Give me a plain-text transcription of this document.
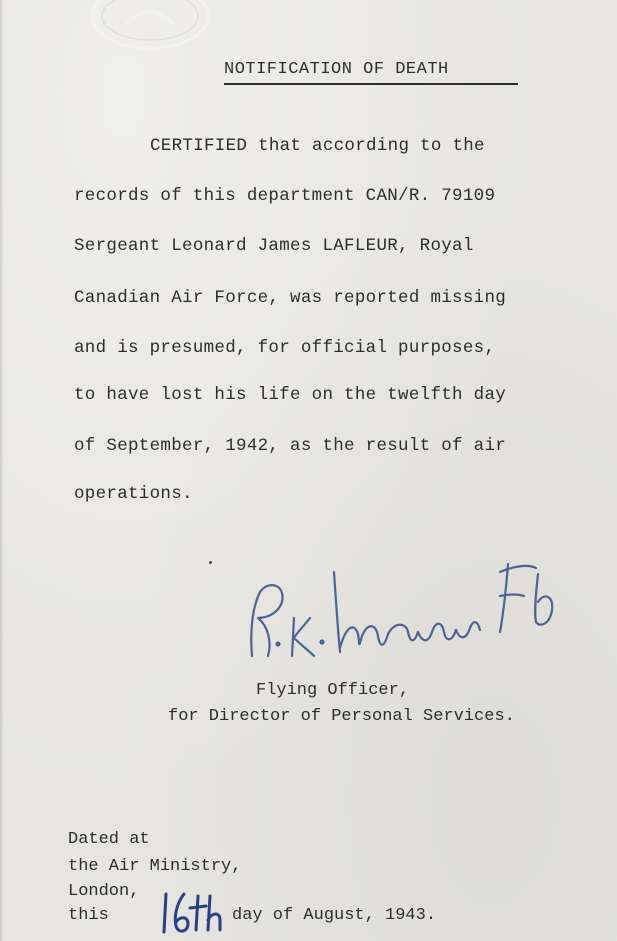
NOTIFICATION OF DEATH
CERTIFIED that according to the
records of this department CAN/R. 79109
Sergeant Leonard James LAFLEUR, Royal
Canadian Air Force, was reported missing
and is presumed, for official purposes,
to have lost his life on the twelfth day
of September, 1942, as the result of air
operations.
Flying Officer,
for Director of Personal Services.
Dated at
the Air Ministry,
London,
this	day of August, 1943.
